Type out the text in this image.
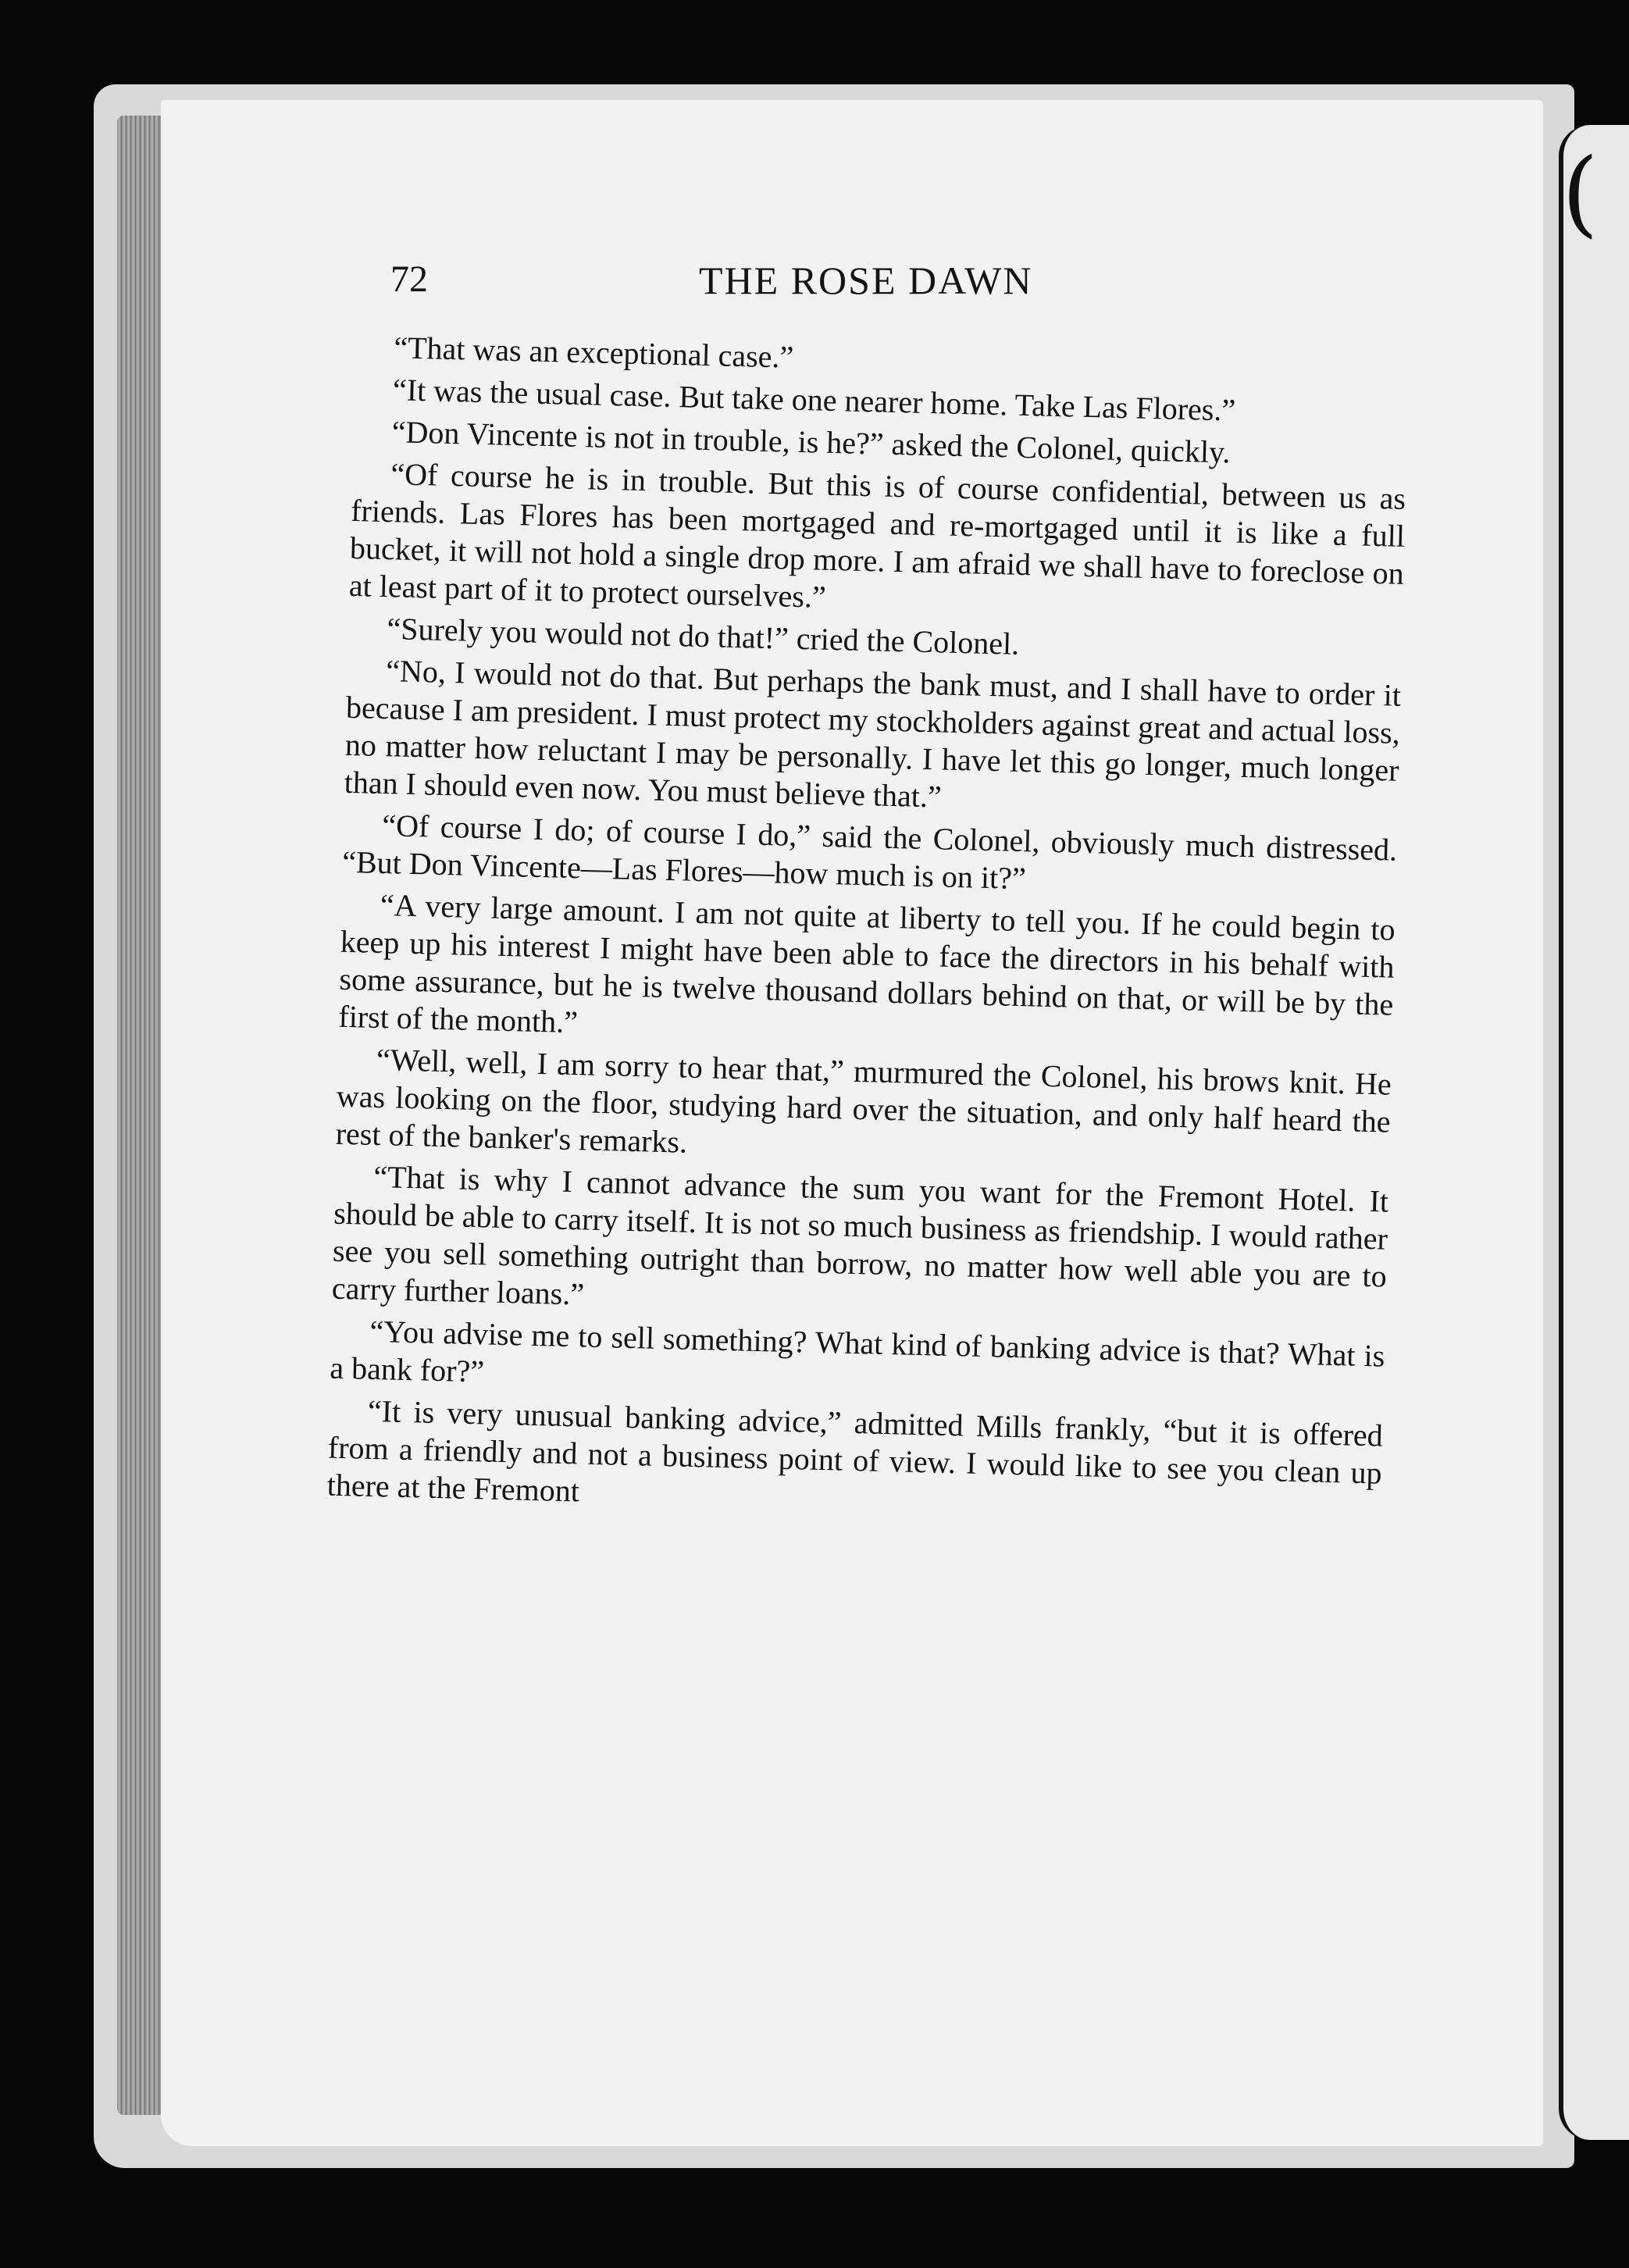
(
72	THE ROSE DAWN

“That was an exceptional case.”

“It was the usual case. But take one nearer home. Take Las Flores.”

“Don Vincente is not in trouble, is he?” asked the Colonel, quickly.

“Of course he is in trouble. But this is of course confidential, between us as friends. Las Flores has been mortgaged and re-mortgaged until it is like a full bucket, it will not hold a single drop more. I am afraid we shall have to foreclose on at least part of it to protect ourselves.”

“Surely you would not do that!” cried the Colonel.

“No, I would not do that. But perhaps the bank must, and I shall have to order it because I am president. I must protect my stockholders against great and actual loss, no matter how reluctant I may be personally. I have let this go longer, much longer than I should even now. You must believe that.”

“Of course I do; of course I do,” said the Colonel, obviously much distressed. “But Don Vincente—Las Flores—how much is on it?”

“A very large amount. I am not quite at liberty to tell you. If he could begin to keep up his interest I might have been able to face the directors in his behalf with some assurance, but he is twelve thousand dollars behind on that, or will be by the first of the month.”

“Well, well, I am sorry to hear that,” murmured the Colonel, his brows knit. He was looking on the floor, studying hard over the situation, and only half heard the rest of the banker's remarks.

“That is why I cannot advance the sum you want for the Fremont Hotel. It should be able to carry itself. It is not so much business as friendship. I would rather see you sell something outright than borrow, no matter how well able you are to carry further loans.”

“You advise me to sell something? What kind of banking advice is that? What is a bank for?”

“It is very unusual banking advice,” admitted Mills frankly, “but it is offered from a friendly and not a business point of view. I would like to see you clean up there at the Fremont
